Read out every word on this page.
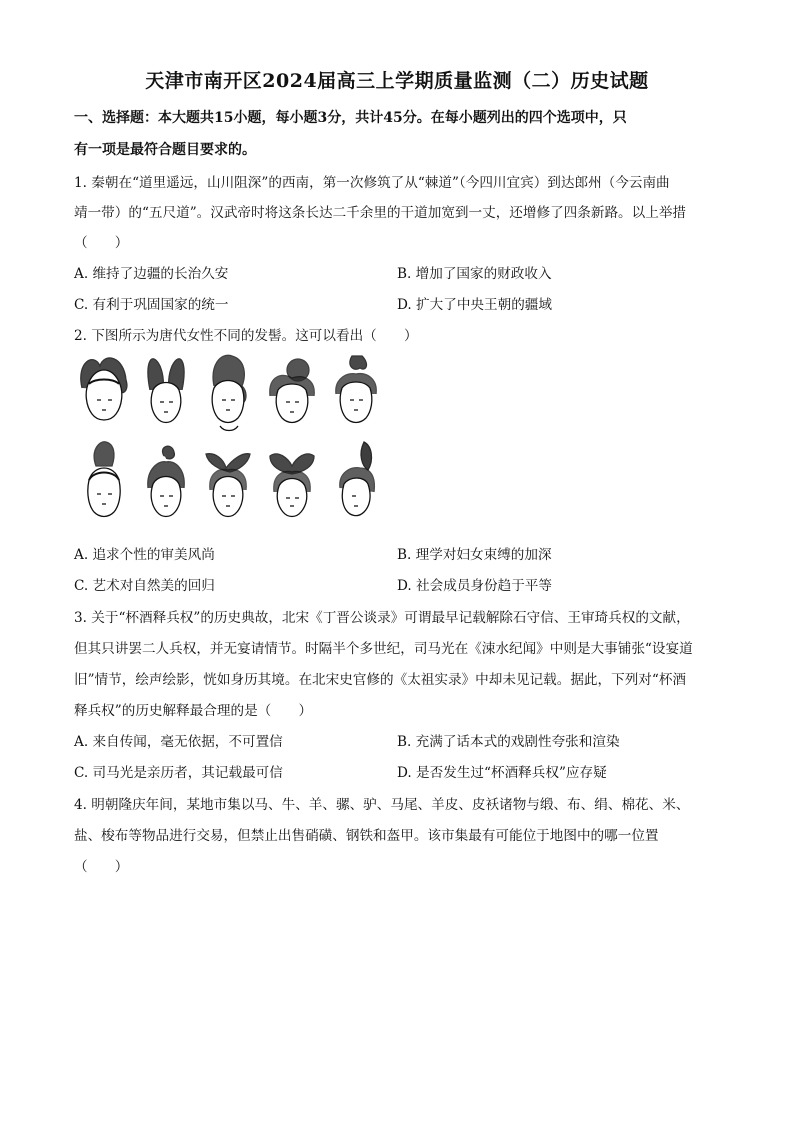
天津市南开区2024届高三上学期质量监测（二）历史试题
一、选择题：本大题共15小题，每小题3分，共计45分。在每小题列出的四个选项中，只
有一项是最符合题目要求的。
1. 秦朝在“道里遥远，山川阻深”的西南，第一次修筑了从“棘道”（今四川宜宾）到达郎州（今云南曲
靖一带）的“五尺道”。汉武帝时将这条长达二千余里的干道加宽到一丈，还增修了四条新路。以上举措
（　　）
A. 维持了边疆的长治久安	B. 增加了国家的财政收入
C. 有利于巩固国家的统一	D. 扩大了中央王朝的疆域
2. 下图所示为唐代女性不同的发髻。这可以看出（　　）
A. 追求个性的审美风尚	B. 理学对妇女束缚的加深
C. 艺术对自然美的回归	D. 社会成员身份趋于平等
3. 关于“杯酒释兵权”的历史典故，北宋《丁晋公谈录》可谓最早记载解除石守信、王审琦兵权的文献，
但其只讲罢二人兵权，并无宴请情节。时隔半个多世纪，司马光在《涑水纪闻》中则是大事铺张“设宴道
旧”情节，绘声绘影，恍如身历其境。在北宋史官修的《太祖实录》中却未见记载。据此，下列对“杯酒
释兵权”的历史解释最合理的是（　　）
A. 来自传闻，毫无依据，不可置信	B. 充满了话本式的戏剧性夸张和渲染
C. 司马光是亲历者，其记载最可信	D. 是否发生过“杯酒释兵权”应存疑
4. 明朝隆庆年间，某地市集以马、牛、羊、骡、驴、马尾、羊皮、皮袄诸物与缎、布、绢、棉花、米、
盐、梭布等物品进行交易，但禁止出售硝磺、钢铁和盔甲。该市集最有可能位于地图中的哪一位置
（　　）
